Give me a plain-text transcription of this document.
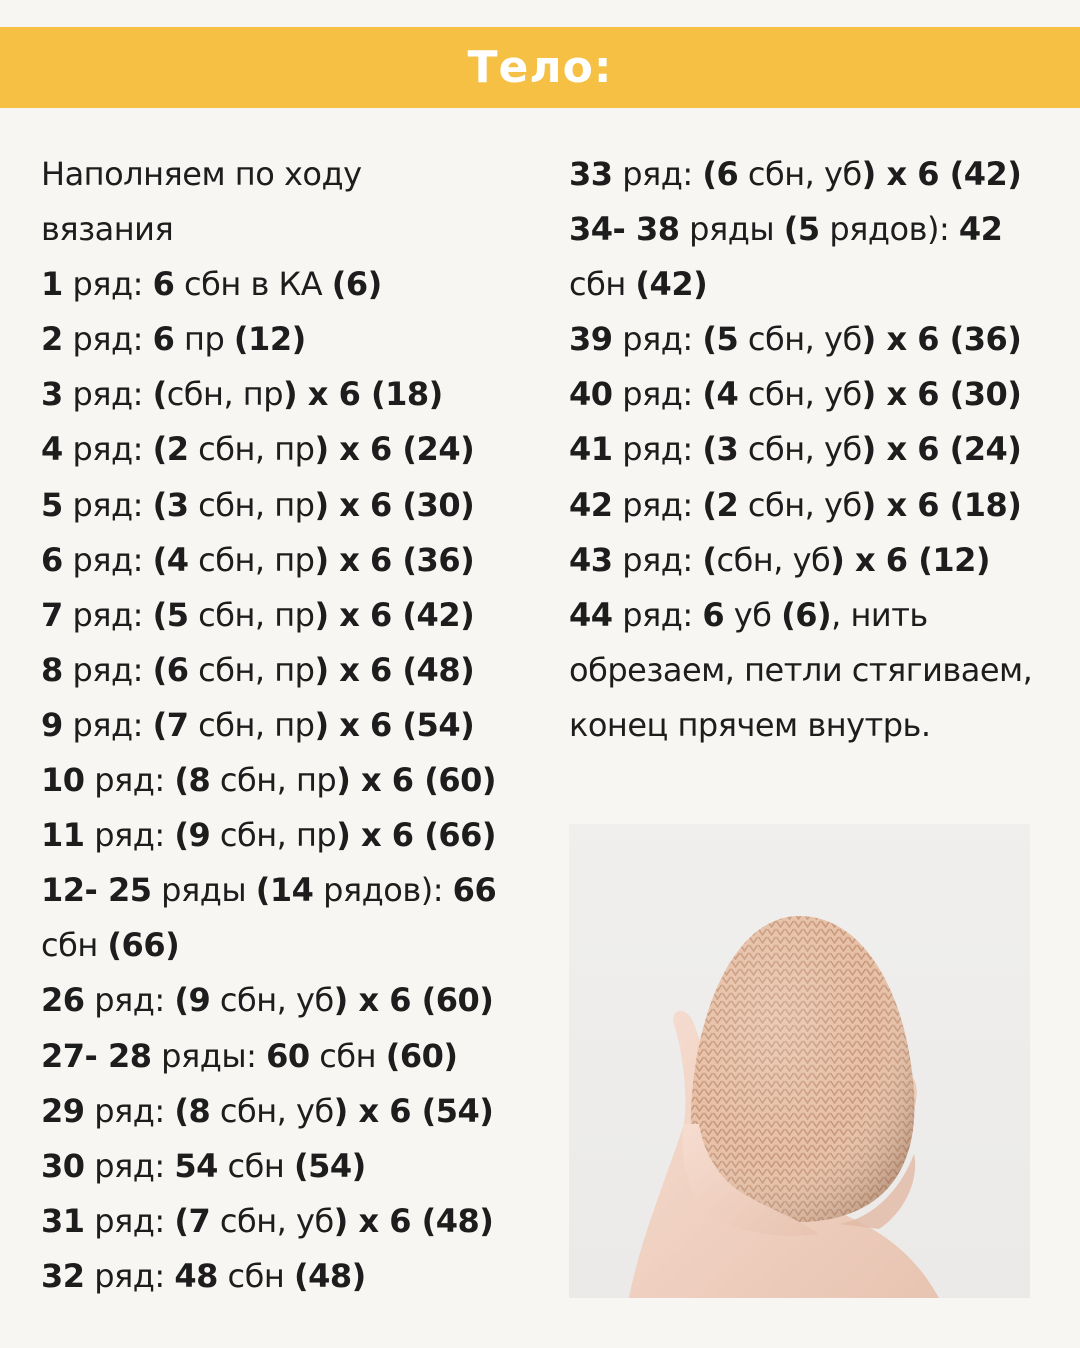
Тело:
Наполняем по ходу
вязания
1 ряд: 6 сбн в КА (6)
2 ряд: 6 пр (12)
3 ряд: (сбн, пр) x 6 (18)
4 ряд: (2 сбн, пр) x 6 (24)
5 ряд: (3 сбн, пр) x 6 (30)
6 ряд: (4 сбн, пр) x 6 (36)
7 ряд: (5 сбн, пр) x 6 (42)
8 ряд: (6 сбн, пр) x 6 (48)
9 ряд: (7 сбн, пр) x 6 (54)
10 ряд: (8 сбн, пр) x 6 (60)
11 ряд: (9 сбн, пр) x 6 (66)
12- 25 ряды (14 рядов): 66
сбн (66)
26 ряд: (9 сбн, уб) x 6 (60)
27- 28 ряды: 60 сбн (60)
29 ряд: (8 сбн, уб) x 6 (54)
30 ряд: 54 сбн (54)
31 ряд: (7 сбн, уб) x 6 (48)
32 ряд: 48 сбн (48)
33 ряд: (6 сбн, уб) x 6 (42)
34- 38 ряды (5 рядов): 42
сбн (42)
39 ряд: (5 сбн, уб) x 6 (36)
40 ряд: (4 сбн, уб) x 6 (30)
41 ряд: (3 сбн, уб) x 6 (24)
42 ряд: (2 сбн, уб) x 6 (18)
43 ряд: (сбн, уб) x 6 (12)
44 ряд: 6 уб (6), нить
обрезаем, петли стягиваем,
конец прячем внутрь.
